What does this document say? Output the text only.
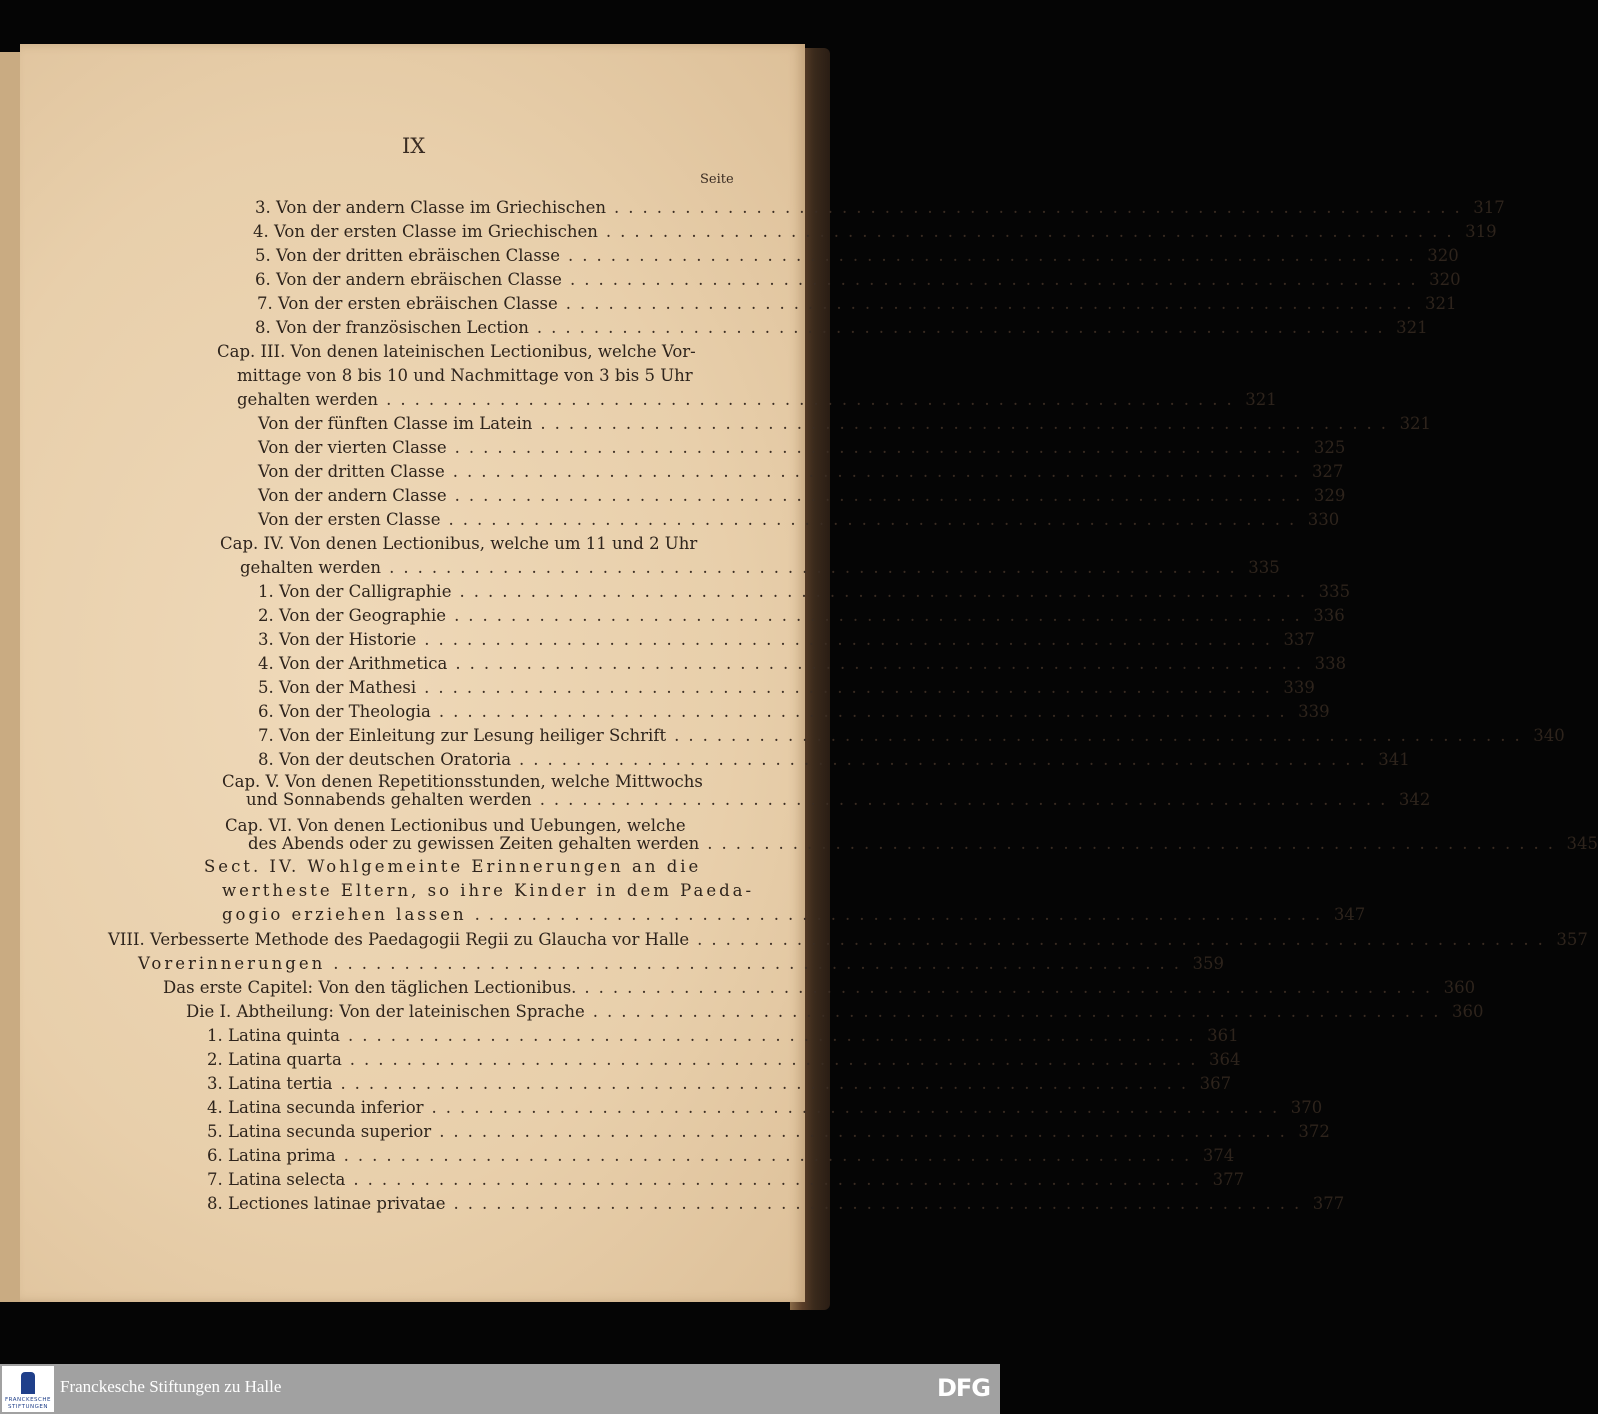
IX
Seite
3. Von der andern Classe im Griechischen ............................................................ 317
4. Von der ersten Classe im Griechischen ............................................................ 319
5. Von der dritten ebräischen Classe ............................................................ 320
6. Von der andern ebräischen Classe ............................................................ 320
7. Von der ersten ebräischen Classe ............................................................ 321
8. Von der französischen Lection ............................................................ 321
Cap. III. Von denen lateinischen Lectionibus, welche Vor-
mittage von 8 bis 10 und Nachmittage von 3 bis 5 Uhr
gehalten werden ............................................................ 321
Von der fünften Classe im Latein ............................................................ 321
Von der vierten Classe ............................................................ 325
Von der dritten Classe ............................................................ 327
Von der andern Classe ............................................................ 329
Von der ersten Classe ............................................................ 330
Cap. IV. Von denen Lectionibus, welche um 11 und 2 Uhr
gehalten werden ............................................................ 335
1. Von der Calligraphie ............................................................ 335
2. Von der Geographie ............................................................ 336
3. Von der Historie ............................................................ 337
4. Von der Arithmetica ............................................................ 338
5. Von der Mathesi ............................................................ 339
6. Von der Theologia ............................................................ 339
7. Von der Einleitung zur Lesung heiliger Schrift ............................................................ 340
8. Von der deutschen Oratoria ............................................................ 341
Cap. V. Von denen Repetitionsstunden, welche Mittwochs
und Sonnabends gehalten werden ............................................................ 342
Cap. VI. Von denen Lectionibus und Uebungen, welche
des Abends oder zu gewissen Zeiten gehalten werden ............................................................ 345
Sect. IV. Wohlgemeinte Erinnerungen an die
wertheste Eltern, so ihre Kinder in dem Paeda-
gogio erziehen lassen ............................................................ 347
VIII. Verbesserte Methode des Paedagogii Regii zu Glaucha vor Halle ............................................................ 357
Vorerinnerungen ............................................................ 359
Das erste Capitel: Von den täglichen Lectionibus. ............................................................ 360
Die I. Abtheilung: Von der lateinischen Sprache ............................................................ 360
1. Latina quinta ............................................................ 361
2. Latina quarta ............................................................ 364
3. Latina tertia ............................................................ 367
4. Latina secunda inferior ............................................................ 370
5. Latina secunda superior ............................................................ 372
6. Latina prima ............................................................ 374
7. Latina selecta ............................................................ 377
8. Lectiones latinae privatae ............................................................ 377
FRANCKESCHE
STIFTUNGEN
Franckesche Stiftungen zu Halle	DFG
